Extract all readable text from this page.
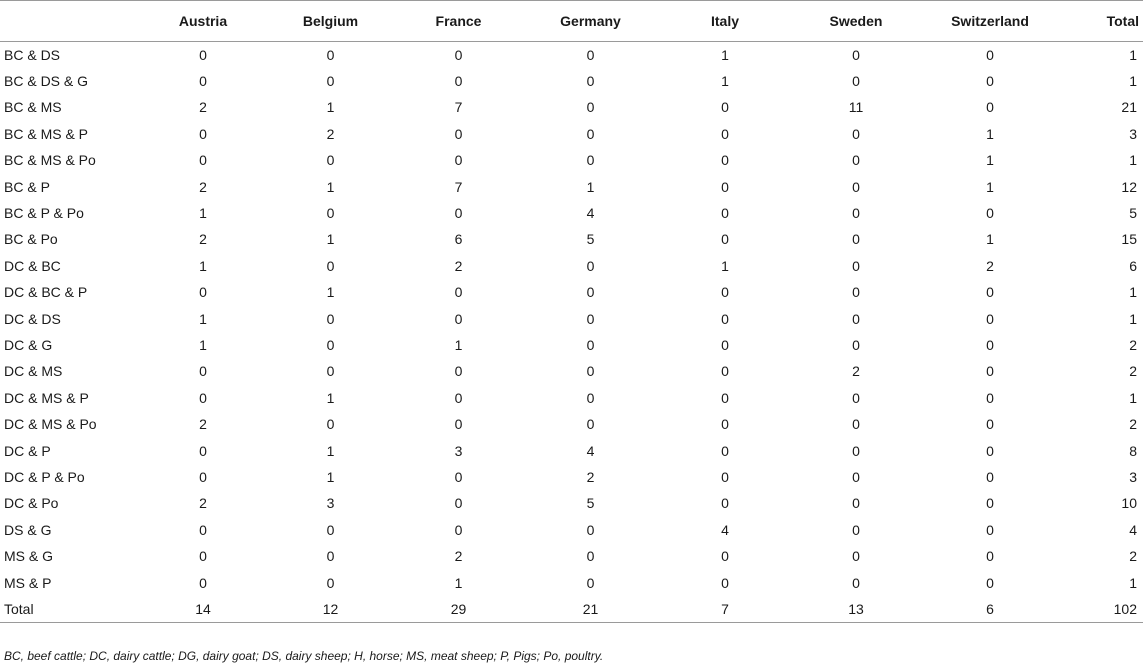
	Austria	Belgium	France	Germany	Italy	Sweden	Switzerland	Total
BC & DS	0	0	0	0	1	0	0	1
BC & DS & G	0	0	0	0	1	0	0	1
BC & MS	2	1	7	0	0	11	0	21
BC & MS & P	0	2	0	0	0	0	1	3
BC & MS & Po	0	0	0	0	0	0	1	1
BC & P	2	1	7	1	0	0	1	12
BC & P & Po	1	0	0	4	0	0	0	5
BC & Po	2	1	6	5	0	0	1	15
DC & BC	1	0	2	0	1	0	2	6
DC & BC & P	0	1	0	0	0	0	0	1
DC & DS	1	0	0	0	0	0	0	1
DC & G	1	0	1	0	0	0	0	2
DC & MS	0	0	0	0	0	2	0	2
DC & MS & P	0	1	0	0	0	0	0	1
DC & MS & Po	2	0	0	0	0	0	0	2
DC & P	0	1	3	4	0	0	0	8
DC & P & Po	0	1	0	2	0	0	0	3
DC & Po	2	3	0	5	0	0	0	10
DS & G	0	0	0	0	4	0	0	4
MS & G	0	0	2	0	0	0	0	2
MS & P	0	0	1	0	0	0	0	1
Total	14	12	29	21	7	13	6	102
BC, beef cattle; DC, dairy cattle; DG, dairy goat; DS, dairy sheep; H, horse; MS, meat sheep; P, Pigs; Po, poultry.
